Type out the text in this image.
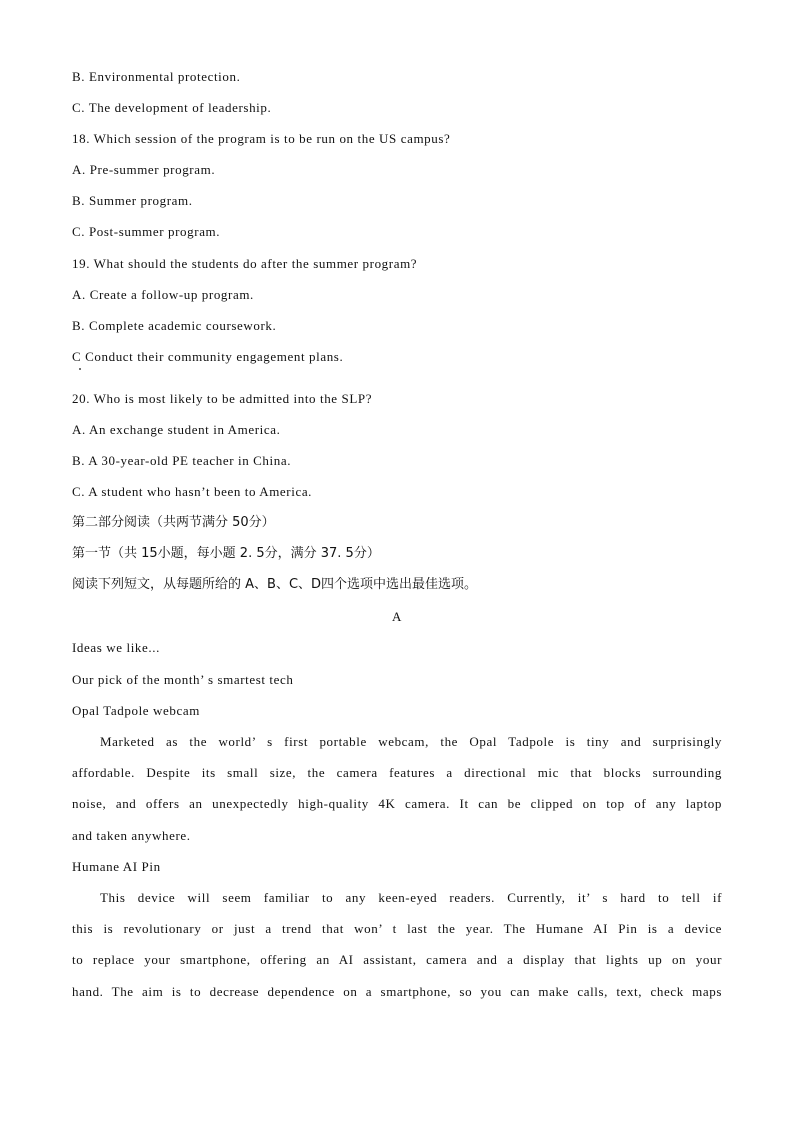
B. Environmental protection.

C. The development of leadership.

18. Which session of the program is to be run on the US campus?

A. Pre-summer program.

B. Summer program.

C. Post-summer program.

19. What should the students do after the summer program?

A. Create a follow-up program.

B. Complete academic coursework.

C Conduct their community engagement plans.

20. Who is most likely to be admitted into the SLP?

A. An exchange student in America.

B. A 30-year-old PE teacher in China.

C. A student who hasn’t been to America.

第二部分阅读（共两节满分 50分）

第一节（共 15小题，每小题 2. 5分，满分 37. 5分）

阅读下列短文，从每题所给的 A、B、C、D四个选项中选出最佳选项。

A

Ideas we like...

Our pick of the month’ s smartest tech

Opal Tadpole webcam

Marketed as the world’ s first portable webcam, the Opal Tadpole is tiny and surprisingly

affordable. Despite its small size, the camera features a directional mic that blocks surrounding

noise, and offers an unexpectedly high-quality 4K camera. It can be clipped on top of any laptop

and taken anywhere.

Humane AI Pin

This device will seem familiar to any keen-eyed readers. Currently, it’ s hard to tell if

this is revolutionary or just a trend that won’ t last the year. The Humane AI Pin is a device

to replace your smartphone, offering an AI assistant, camera and a display that lights up on your

hand. The aim is to decrease dependence on a smartphone, so you can make calls, text, check maps
